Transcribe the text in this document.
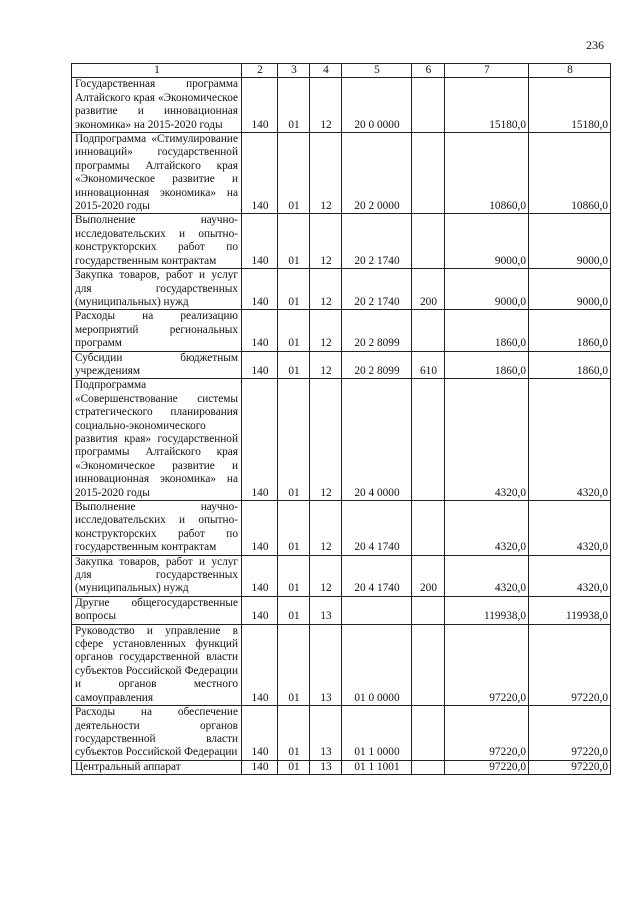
236
1	2	3	4	5	6	7	8
Государственная программа Алтайского края «Экономическое развитие и инновационная экономика» на 2015-2020 годы	140	01	12	20 0 0000		15180,0	15180,0
Подпрограмма «Стимулирование инноваций» государственной программы Алтайского края «Экономическое развитие и инновационная экономика» на 2015-2020 годы	140	01	12	20 2 0000		10860,0	10860,0
Выполнение научно-исследовательских и опытно-конструкторских работ по государственным контрактам	140	01	12	20 2 1740		9000,0	9000,0
Закупка товаров, работ и услуг для государственных (муниципальных) нужд	140	01	12	20 2 1740	200	9000,0	9000,0
Расходы на реализацию мероприятий региональных программ	140	01	12	20 2 8099		1860,0	1860,0
Субсидии бюджетным учреждениям	140	01	12	20 2 8099	610	1860,0	1860,0
Подпрограмма «Совершенствование системы стратегического планирования социально-экономического развития края» государственной программы Алтайского края «Экономическое развитие и инновационная экономика» на 2015-2020 годы	140	01	12	20 4 0000		4320,0	4320,0
Выполнение научно-исследовательских и опытно-конструкторских работ по государственным контрактам	140	01	12	20 4 1740		4320,0	4320,0
Закупка товаров, работ и услуг для государственных (муниципальных) нужд	140	01	12	20 4 1740	200	4320,0	4320,0
Другие общегосударственные вопросы	140	01	13			119938,0	119938,0
Руководство и управление в сфере установленных функций органов государственной власти субъектов Российской Федерации и органов местного самоуправления	140	01	13	01 0 0000		97220,0	97220,0
Расходы на обеспечение деятельности органов государственной власти субъектов Российской Федерации	140	01	13	01 1 0000		97220,0	97220,0
Центральный аппарат	140	01	13	01 1 1001		97220,0	97220,0
